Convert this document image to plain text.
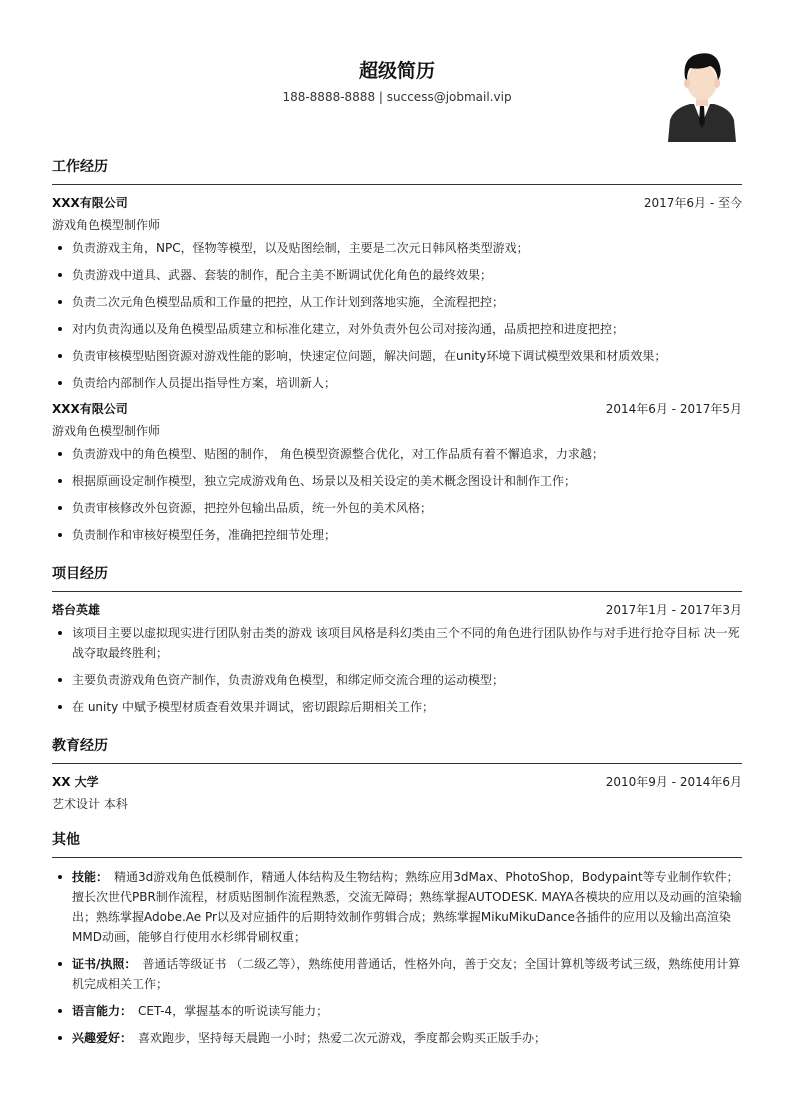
超级简历
188-8888-8888 | success@jobmail.vip
工作经历
XXX有限公司	2017年6月 - 至今
游戏角色模型制作师
负责游戏主角，NPC，怪物等模型，以及贴图绘制，主要是二次元日韩风格类型游戏；
负责游戏中道具、武器、套装的制作，配合主美不断调试优化角色的最终效果；
负责二次元角色模型品质和工作量的把控，从工作计划到落地实施，全流程把控；
对内负责沟通以及角色模型品质建立和标准化建立，对外负责外包公司对接沟通，品质把控和进度把控；
负责审核模型贴图资源对游戏性能的影响，快速定位问题，解决问题，在unity环境下调试模型效果和材质效果；
负责给内部制作人员提出指导性方案，培训新人；
XXX有限公司	2014年6月 - 2017年5月
游戏角色模型制作师
负责游戏中的角色模型、贴图的制作， 角色模型资源整合优化，对工作品质有着不懈追求，力求越；
根据原画设定制作模型，独立完成游戏角色、场景以及相关设定的美术概念图设计和制作工作；
负责审核修改外包资源，把控外包输出品质，统一外包的美术风格；
负责制作和审核好模型任务，准确把控细节处理；
项目经历
塔台英雄	2017年1月 - 2017年3月
该项目主要以虚拟现实进行团队射击类的游戏 该项目风格是科幻类由三个不同的角色进行团队协作与对手进行抢夺目标 决一死战夺取最终胜利；
主要负责游戏角色资产制作，负责游戏角色模型，和绑定师交流合理的运动模型；
在 unity 中赋予模型材质查看效果并调试，密切跟踪后期相关工作；
教育经历
XX 大学	2010年9月 - 2014年6月
艺术设计 本科
其他
技能： 精通3d游戏角色低模制作，精通人体结构及生物结构；熟练应用3dMax、PhotoShop，Bodypaint等专业制作软件；擅长次世代PBR制作流程，材质贴图制作流程熟悉，交流无障碍；熟练掌握AUTODESK. MAYA各模块的应用以及动画的渲染输出；熟练掌握Adobe.Ae Pr以及对应插件的后期特效制作剪辑合成；熟练掌握MikuMikuDance各插件的应用以及输出高渲染MMD动画，能够自行使用水杉绑骨刷权重；
证书/执照： 普通话等级证书 （二级乙等），熟练使用普通话，性格外向，善于交友；全国计算机等级考试三级，熟练使用计算机完成相关工作；
语言能力： CET-4，掌握基本的听说读写能力；
兴趣爱好： 喜欢跑步，坚持每天晨跑一小时；热爱二次元游戏，季度都会购买正版手办；
